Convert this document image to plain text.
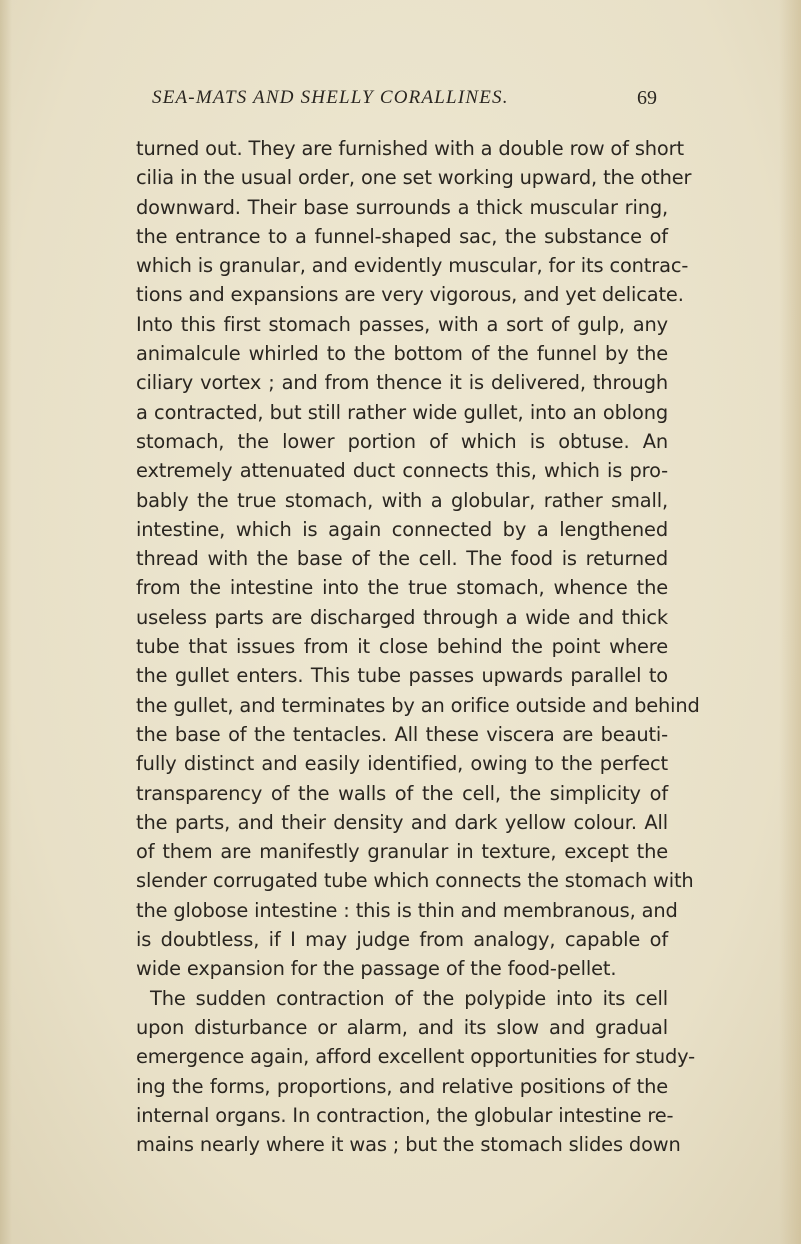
SEA-MATS AND SHELLY CORALLINES.	69
turned out. They are furnished with a double row of short
cilia in the usual order, one set working upward, the other
downward. Their base surrounds a thick muscular ring,
the entrance to a funnel-shaped sac, the substance of
which is granular, and evidently muscular, for its contrac-
tions and expansions are very vigorous, and yet delicate.
Into this first stomach passes, with a sort of gulp, any
animalcule whirled to the bottom of the funnel by the
ciliary vortex ; and from thence it is delivered, through
a contracted, but still rather wide gullet, into an oblong
stomach, the lower portion of which is obtuse. An
extremely attenuated duct connects this, which is pro-
bably the true stomach, with a globular, rather small,
intestine, which is again connected by a lengthened
thread with the base of the cell. The food is returned
from the intestine into the true stomach, whence the
useless parts are discharged through a wide and thick
tube that issues from it close behind the point where
the gullet enters. This tube passes upwards parallel to
the gullet, and terminates by an orifice outside and behind
the base of the tentacles. All these viscera are beauti-
fully distinct and easily identified, owing to the perfect
transparency of the walls of the cell, the simplicity of
the parts, and their density and dark yellow colour. All
of them are manifestly granular in texture, except the
slender corrugated tube which connects the stomach with
the globose intestine : this is thin and membranous, and
is doubtless, if I may judge from analogy, capable of
wide expansion for the passage of the food-pellet.
The sudden contraction of the polypide into its cell
upon disturbance or alarm, and its slow and gradual
emergence again, afford excellent opportunities for study-
ing the forms, proportions, and relative positions of the
internal organs. In contraction, the globular intestine re-
mains nearly where it was ; but the stomach slides down
